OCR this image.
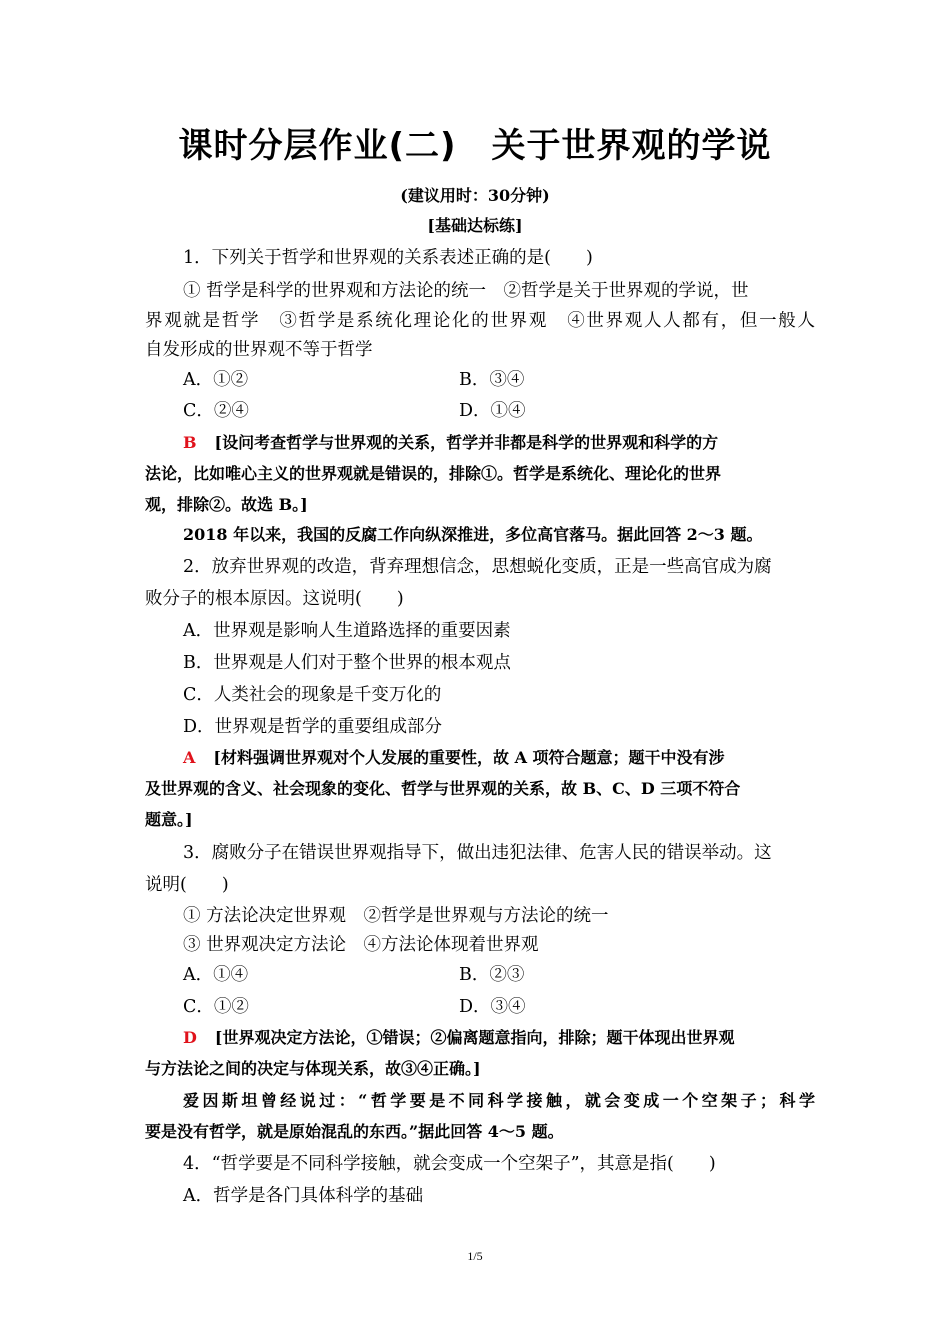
课时分层作业(二)　关于世界观的学说
(建议用时：30分钟)
[基础达标练]
1．下列关于哲学和世界观的关系表述正确的是(　　)
① 哲学是科学的世界观和方法论的统一　②哲学是关于世界观的学说，世
界观就是哲学　③哲学是系统化理论化的世界观　④世界观人人都有，但一般人
自发形成的世界观不等于哲学
A．①②	B．③④
C．②④	D．①④
B [设问考查哲学与世界观的关系，哲学并非都是科学的世界观和科学的方
法论，比如唯心主义的世界观就是错误的，排除①。哲学是系统化、理论化的世界
观，排除②。故选 B。]
2018 年以来，我国的反腐工作向纵深推进，多位高官落马。据此回答 2～3 题。
2．放弃世界观的改造，背弃理想信念，思想蜕化变质，正是一些高官成为腐
败分子的根本原因。这说明(　　)
A．世界观是影响人生道路选择的重要因素
B．世界观是人们对于整个世界的根本观点
C．人类社会的现象是千变万化的
D．世界观是哲学的重要组成部分
A [材料强调世界观对个人发展的重要性，故 A 项符合题意；题干中没有涉
及世界观的含义、社会现象的变化、哲学与世界观的关系，故 B、C、D 三项不符合
题意。]
3．腐败分子在错误世界观指导下，做出违犯法律、危害人民的错误举动。这
说明(　　)
① 方法论决定世界观　②哲学是世界观与方法论的统一
③ 世界观决定方法论　④方法论体现着世界观
A．①④	B．②③
C．①②	D．③④
D [世界观决定方法论，①错误；②偏离题意指向，排除；题干体现出世界观
与方法论之间的决定与体现关系，故③④正确。]
爱因斯坦曾经说过：“哲学要是不同科学接触，就会变成一个空架子；科学
要是没有哲学，就是原始混乱的东西。”据此回答 4～5 题。
4．“哲学要是不同科学接触，就会变成一个空架子”，其意是指(　　)
A．哲学是各门具体科学的基础
1/5
